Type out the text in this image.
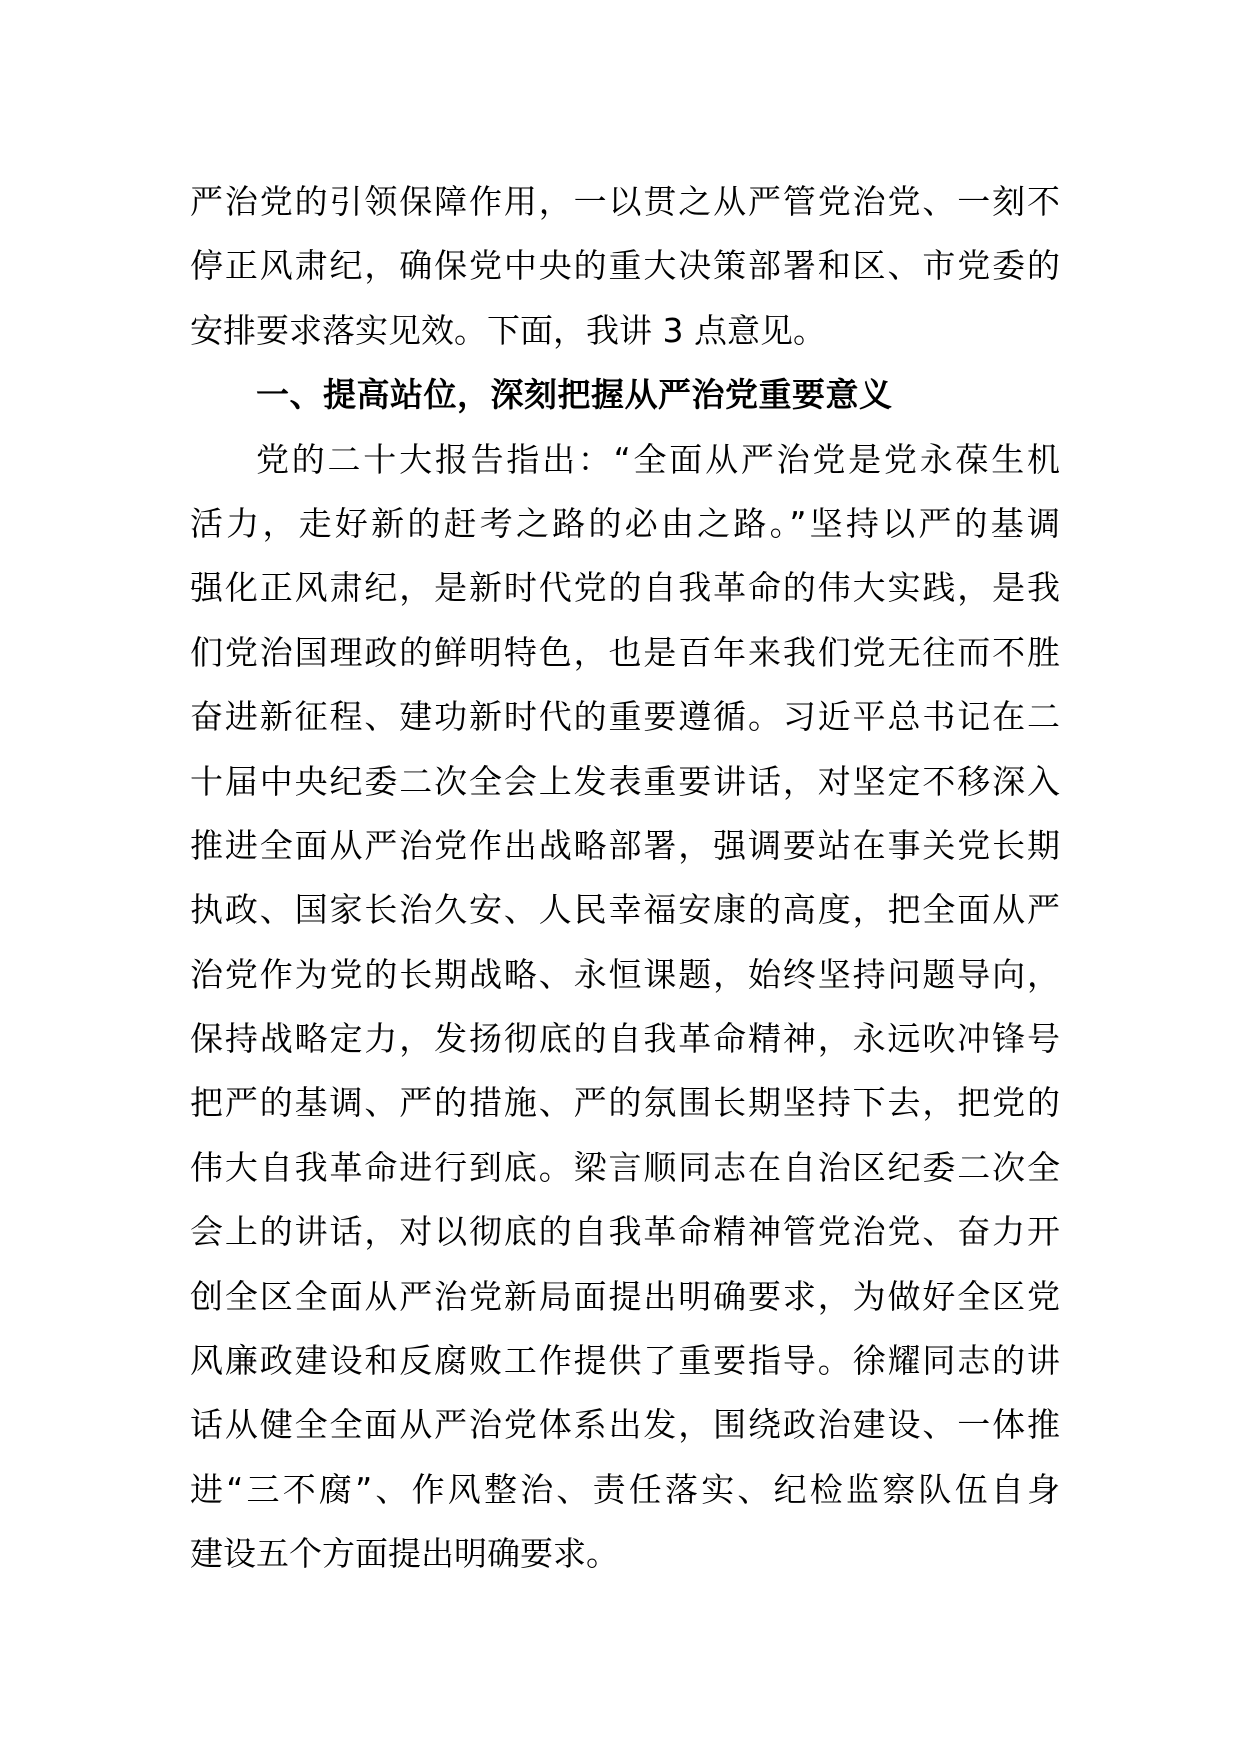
严治党的引领保障作用，一以贯之从严管党治党、一刻不
停正风肃纪，确保党中央的重大决策部署和区、市党委的
安排要求落实见效。下面，我讲 3 点意见。
一、提高站位，深刻把握从严治党重要意义
党的二十大报告指出：“全面从严治党是党永葆生机
活力，走好新的赶考之路的必由之路。”坚持以严的基调
强化正风肃纪，是新时代党的自我革命的伟大实践，是我
们党治国理政的鲜明特色，也是百年来我们党无往而不胜
奋进新征程、建功新时代的重要遵循。习近平总书记在二
十届中央纪委二次全会上发表重要讲话，对坚定不移深入
推进全面从严治党作出战略部署，强调要站在事关党长期
执政、国家长治久安、人民幸福安康的高度，把全面从严
治党作为党的长期战略、永恒课题，始终坚持问题导向，
保持战略定力，发扬彻底的自我革命精神，永远吹冲锋号
把严的基调、严的措施、严的氛围长期坚持下去，把党的
伟大自我革命进行到底。梁言顺同志在自治区纪委二次全
会上的讲话，对以彻底的自我革命精神管党治党、奋力开
创全区全面从严治党新局面提出明确要求，为做好全区党
风廉政建设和反腐败工作提供了重要指导。徐耀同志的讲
话从健全全面从严治党体系出发，围绕政治建设、一体推
进“三不腐”、作风整治、责任落实、纪检监察队伍自身
建设五个方面提出明确要求。
